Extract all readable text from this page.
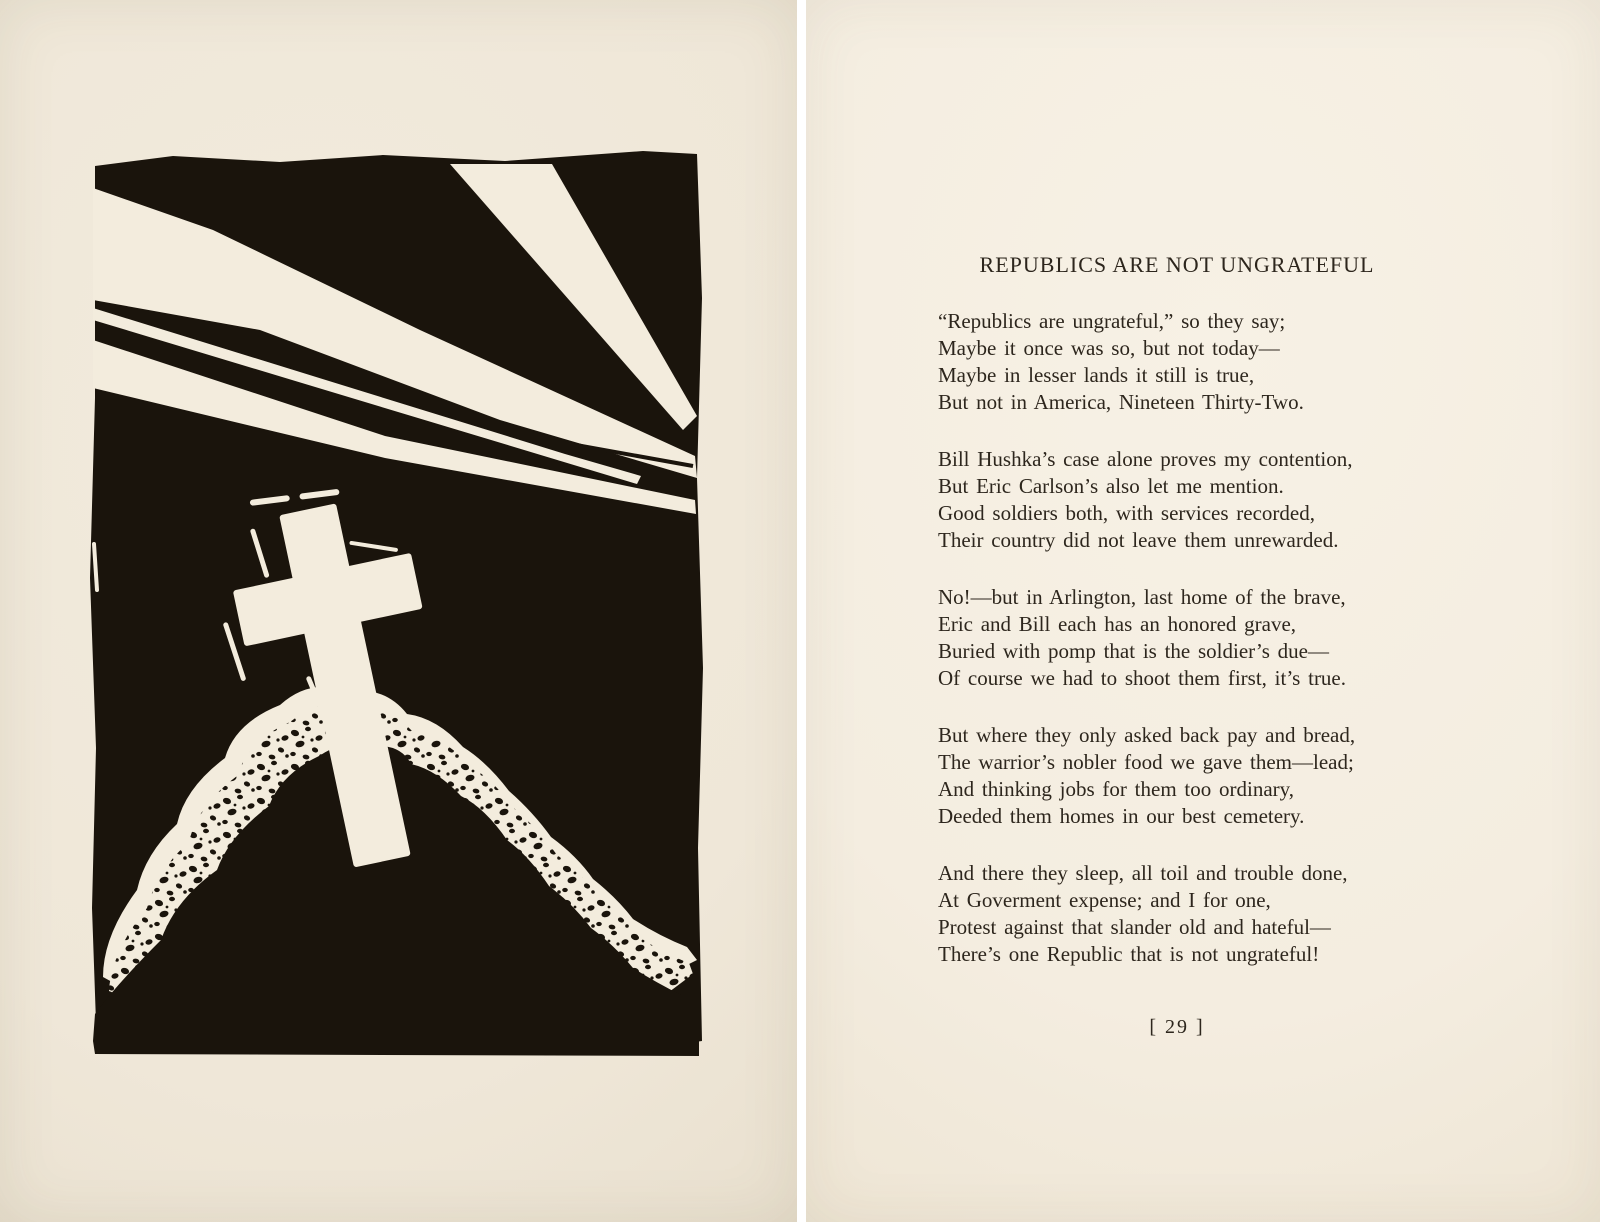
REPUBLICS ARE NOT UNGRATEFUL

“Republics are ungrateful,” so they say;

Maybe it once was so, but not today—

Maybe in lesser lands it still is true,

But not in America, Nineteen Thirty-Two.

Bill Hushka’s case alone proves my contention,

But Eric Carlson’s also let me mention.

Good soldiers both, with services recorded,

Their country did not leave them unrewarded.

No!—but in Arlington, last home of the brave,

Eric and Bill each has an honored grave,

Buried with pomp that is the soldier’s due—

Of course we had to shoot them first, it’s true.

But where they only asked back pay and bread,

The warrior’s nobler food we gave them—lead;

And thinking jobs for them too ordinary,

Deeded them homes in our best cemetery.

And there they sleep, all toil and trouble done,

At Goverment expense; and I for one,

Protest against that slander old and hateful—

There’s one Republic that is not ungrateful!

[ 29 ]
